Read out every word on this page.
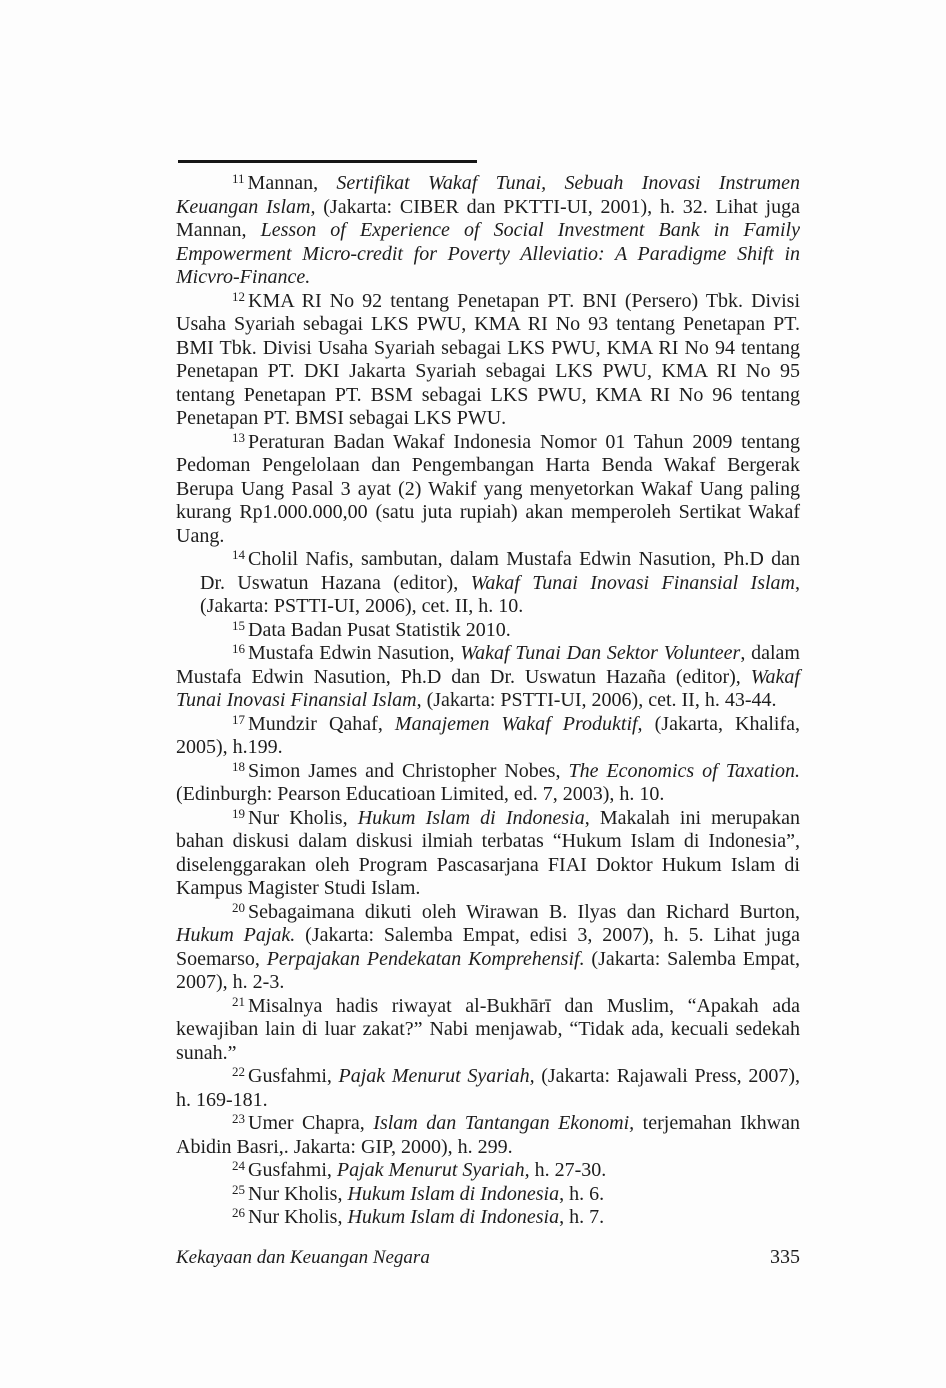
$^{11}$ Mannan, Sertifikat Wakaf Tunai, Sebuah Inovasi Instrumen Keuangan Islam, (Jakarta: CIBER dan PKTTI-UI, 2001), h. 32. Lihat juga Mannan, Lesson of Experience of Social Investment Bank in Family Empowerment Micro-credit for Poverty Alleviatio: A Paradigme Shift in Micvro-Finance.

$^{12}$ KMA RI No 92 tentang Penetapan PT. BNI (Persero) Tbk. Divisi Usaha Syariah sebagai LKS PWU, KMA RI No 93 tentang Penetapan PT. BMI Tbk. Divisi Usaha Syariah sebagai LKS PWU, KMA RI No 94 tentang Penetapan PT. DKI Jakarta Syariah sebagai LKS PWU, KMA RI No 95 tentang Penetapan PT. BSM sebagai LKS PWU, KMA RI No 96 tentang Penetapan PT. BMSI sebagai LKS PWU.

$^{13}$ Peraturan Badan Wakaf Indonesia Nomor 01 Tahun 2009 tentang Pedoman Pengelolaan dan Pengembangan Harta Benda Wakaf Bergerak Berupa Uang Pasal 3 ayat (2) Wakif yang menyetorkan Wakaf Uang paling kurang Rp1.000.000,00 (satu juta rupiah) akan memperoleh Sertikat Wakaf Uang.

$^{14}$ Cholil Nafis, sambutan, dalam Mustafa Edwin Nasution, Ph.D dan Dr. Uswatun Hazana (editor), Wakaf Tunai Inovasi Finansial Islam, (Jakarta: PSTTI-UI, 2006), cet. II, h. 10.

$^{15}$ Data Badan Pusat Statistik 2010.

$^{16}$ Mustafa Edwin Nasution, Wakaf Tunai Dan Sektor Volunteer, dalam Mustafa Edwin Nasution, Ph.D dan Dr. Uswatun Hazaña (editor), Wakaf Tunai Inovasi Finansial Islam, (Jakarta: PSTTI-UI, 2006), cet. II, h. 43-44.

$^{17}$ Mundzir Qahaf, Manajemen Wakaf Produktif, (Jakarta, Khalifa, 2005), h.199.

$^{18}$ Simon James and Christopher Nobes, The Economics of Taxation. (Edinburgh: Pearson Educatioan Limited, ed. 7, 2003), h. 10.

$^{19}$ Nur Kholis, Hukum Islam di Indonesia, Makalah ini merupakan bahan diskusi dalam diskusi ilmiah terbatas “Hukum Islam di Indonesia”, diselenggarakan oleh Program Pascasarjana FIAI Doktor Hukum Islam di Kampus Magister Studi Islam.

$^{20}$ Sebagaimana dikuti oleh Wirawan B. Ilyas dan Richard Burton, Hukum Pajak. (Jakarta: Salemba Empat, edisi 3, 2007), h. 5. Lihat juga Soemarso, Perpajakan Pendekatan Komprehensif. (Jakarta: Salemba Empat, 2007), h. 2-3.

$^{21}$ Misalnya hadis riwayat al-Bukhārī dan Muslim, “Apakah ada kewajiban lain di luar zakat?” Nabi menjawab, “Tidak ada, kecuali sedekah sunah.”

$^{22}$ Gusfahmi, Pajak Menurut Syariah, (Jakarta: Rajawali Press, 2007), h. 169-181.

$^{23}$ Umer Chapra, Islam dan Tantangan Ekonomi, terjemahan Ikhwan Abidin Basri,. Jakarta: GIP, 2000), h. 299.

$^{24}$ Gusfahmi, Pajak Menurut Syariah, h. 27-30.

$^{25}$ Nur Kholis, Hukum Islam di Indonesia, h. 6.

$^{26}$ Nur Kholis, Hukum Islam di Indonesia, h. 7.

Kekayaan dan Keuangan Negara	335
